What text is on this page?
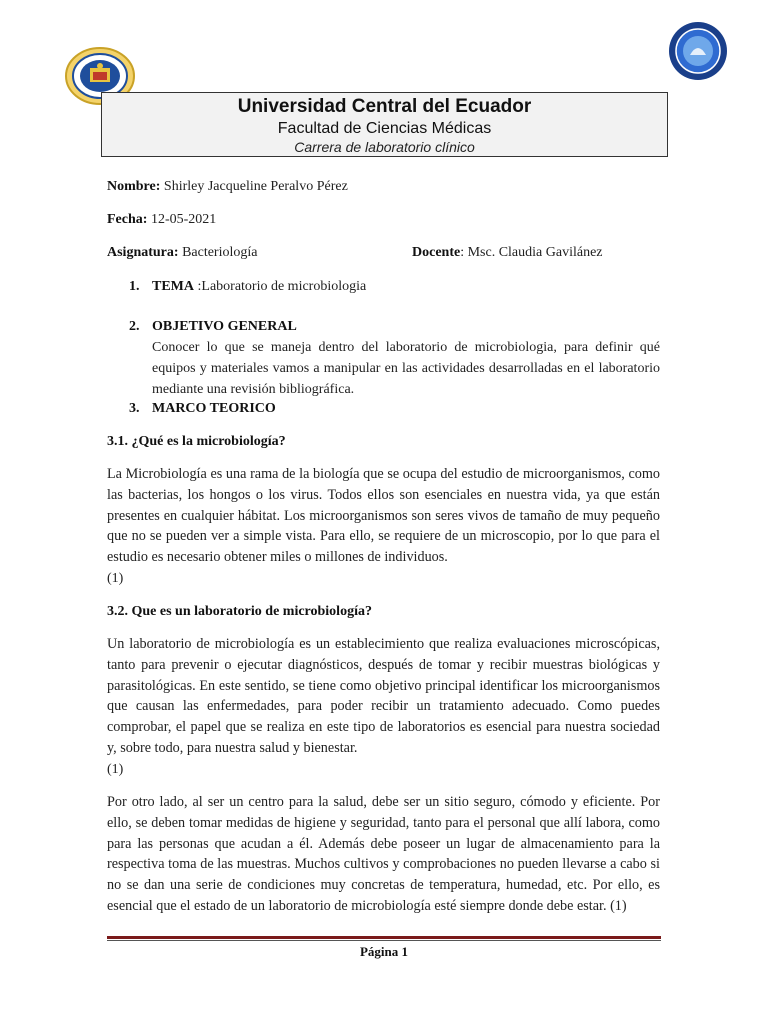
Universidad Central del Ecuador
Facultad de Ciencias Médicas
Carrera de laboratorio clínico
Nombre: Shirley Jacqueline Peralvo Pérez
Fecha: 12-05-2021
Asignatura: Bacteriología	Docente: Msc. Claudia Gavilánez
1. TEMA :Laboratorio de microbiologia
2. OBJETIVO GENERAL
Conocer lo que se maneja dentro del laboratorio de microbiologia, para definir qué equipos y materiales vamos a manipular en las actividades desarrolladas en el laboratorio mediante una revisión bibliográfica.
3. MARCO TEORICO
3.1. ¿Qué es la microbiología?
La Microbiología es una rama de la biología que se ocupa del estudio de microorganismos, como las bacterias, los hongos o los virus. Todos ellos son esenciales en nuestra vida, ya que están presentes en cualquier hábitat. Los microorganismos son seres vivos de tamaño de muy pequeño que no se pueden ver a simple vista. Para ello, se requiere de un microscopio, por lo que para el estudio es necesario obtener miles o millones de individuos.
(1)
3.2. Que es un laboratorio de microbiología?
Un laboratorio de microbiología es un establecimiento que realiza evaluaciones microscópicas, tanto para prevenir o ejecutar diagnósticos, después de tomar y recibir muestras biológicas y parasitológicas. En este sentido, se tiene como objetivo principal identificar los microorganismos que causan las enfermedades, para poder recibir un tratamiento adecuado. Como puedes comprobar, el papel que se realiza en este tipo de laboratorios es esencial para nuestra sociedad y, sobre todo, para nuestra salud y bienestar.
(1)
Por otro lado, al ser un centro para la salud, debe ser un sitio seguro, cómodo y eficiente. Por ello, se deben tomar medidas de higiene y seguridad, tanto para el personal que allí labora, como para las personas que acudan a él. Además debe poseer un lugar de almacenamiento para la respectiva toma de las muestras. Muchos cultivos y comprobaciones no pueden llevarse a cabo si no se dan una serie de condiciones muy concretas de temperatura, humedad, etc. Por ello, es esencial que el estado de un laboratorio de microbiología esté siempre donde debe estar. (1)
Página 1
